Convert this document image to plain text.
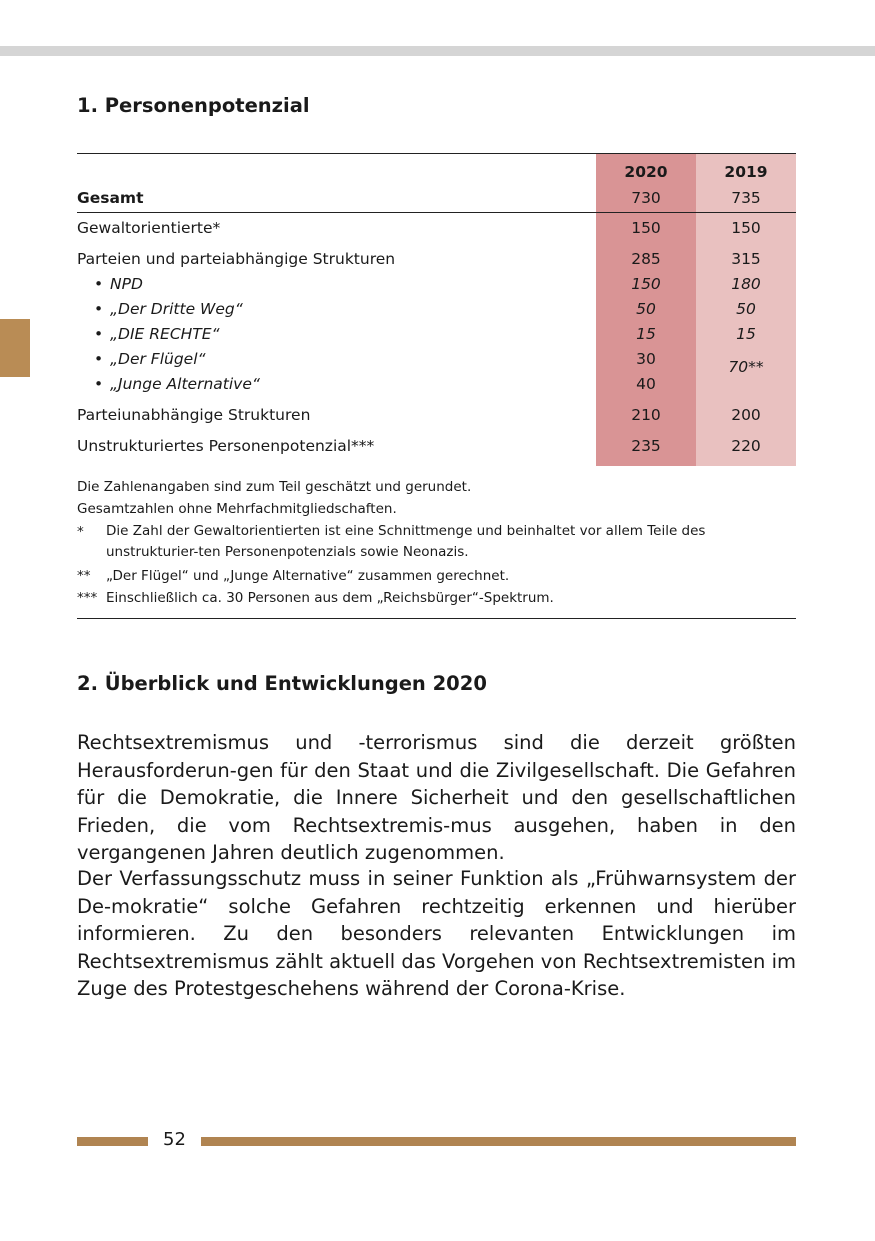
1. Personenpotenzial
2020	2019
Gesamt	730	735
Gewaltorientierte*	150	150
Parteien und parteiabhängige Strukturen	285	315
• NPD	150	180
• „Der Dritte Weg“	50	50
• „DIE RECHTE“	15	15
• „Der Flügel“	30	70**
• „Junge Alternative“	40
Parteiunabhängige Strukturen	210	200
Unstrukturiertes Personenpotenzial***	235	220
Die Zahlenangaben sind zum Teil geschätzt und gerundet.
Gesamtzahlen ohne Mehrfachmitgliedschaften.
* Die Zahl der Gewaltorientierten ist eine Schnittmenge und beinhaltet vor allem Teile des unstrukturier-ten Personenpotenzials sowie Neonazis.
** „Der Flügel“ und „Junge Alternative“ zusammen gerechnet.
*** Einschließlich ca. 30 Personen aus dem „Reichsbürger“-Spektrum.
2. Überblick und Entwicklungen 2020

Rechtsextremismus und -terrorismus sind die derzeit größten Herausforderun-gen für den Staat und die Zivilgesellschaft. Die Gefahren für die Demokratie, die Innere Sicherheit und den gesellschaftlichen Frieden, die vom Rechtsextremis-mus ausgehen, haben in den vergangenen Jahren deutlich zugenommen.

Der Verfassungsschutz muss in seiner Funktion als „Frühwarnsystem der De-mokratie“ solche Gefahren rechtzeitig erkennen und hierüber informieren. Zu den besonders relevanten Entwicklungen im Rechtsextremismus zählt aktuell das Vorgehen von Rechtsextremisten im Zuge des Protestgeschehens während der Corona-Krise.

52
